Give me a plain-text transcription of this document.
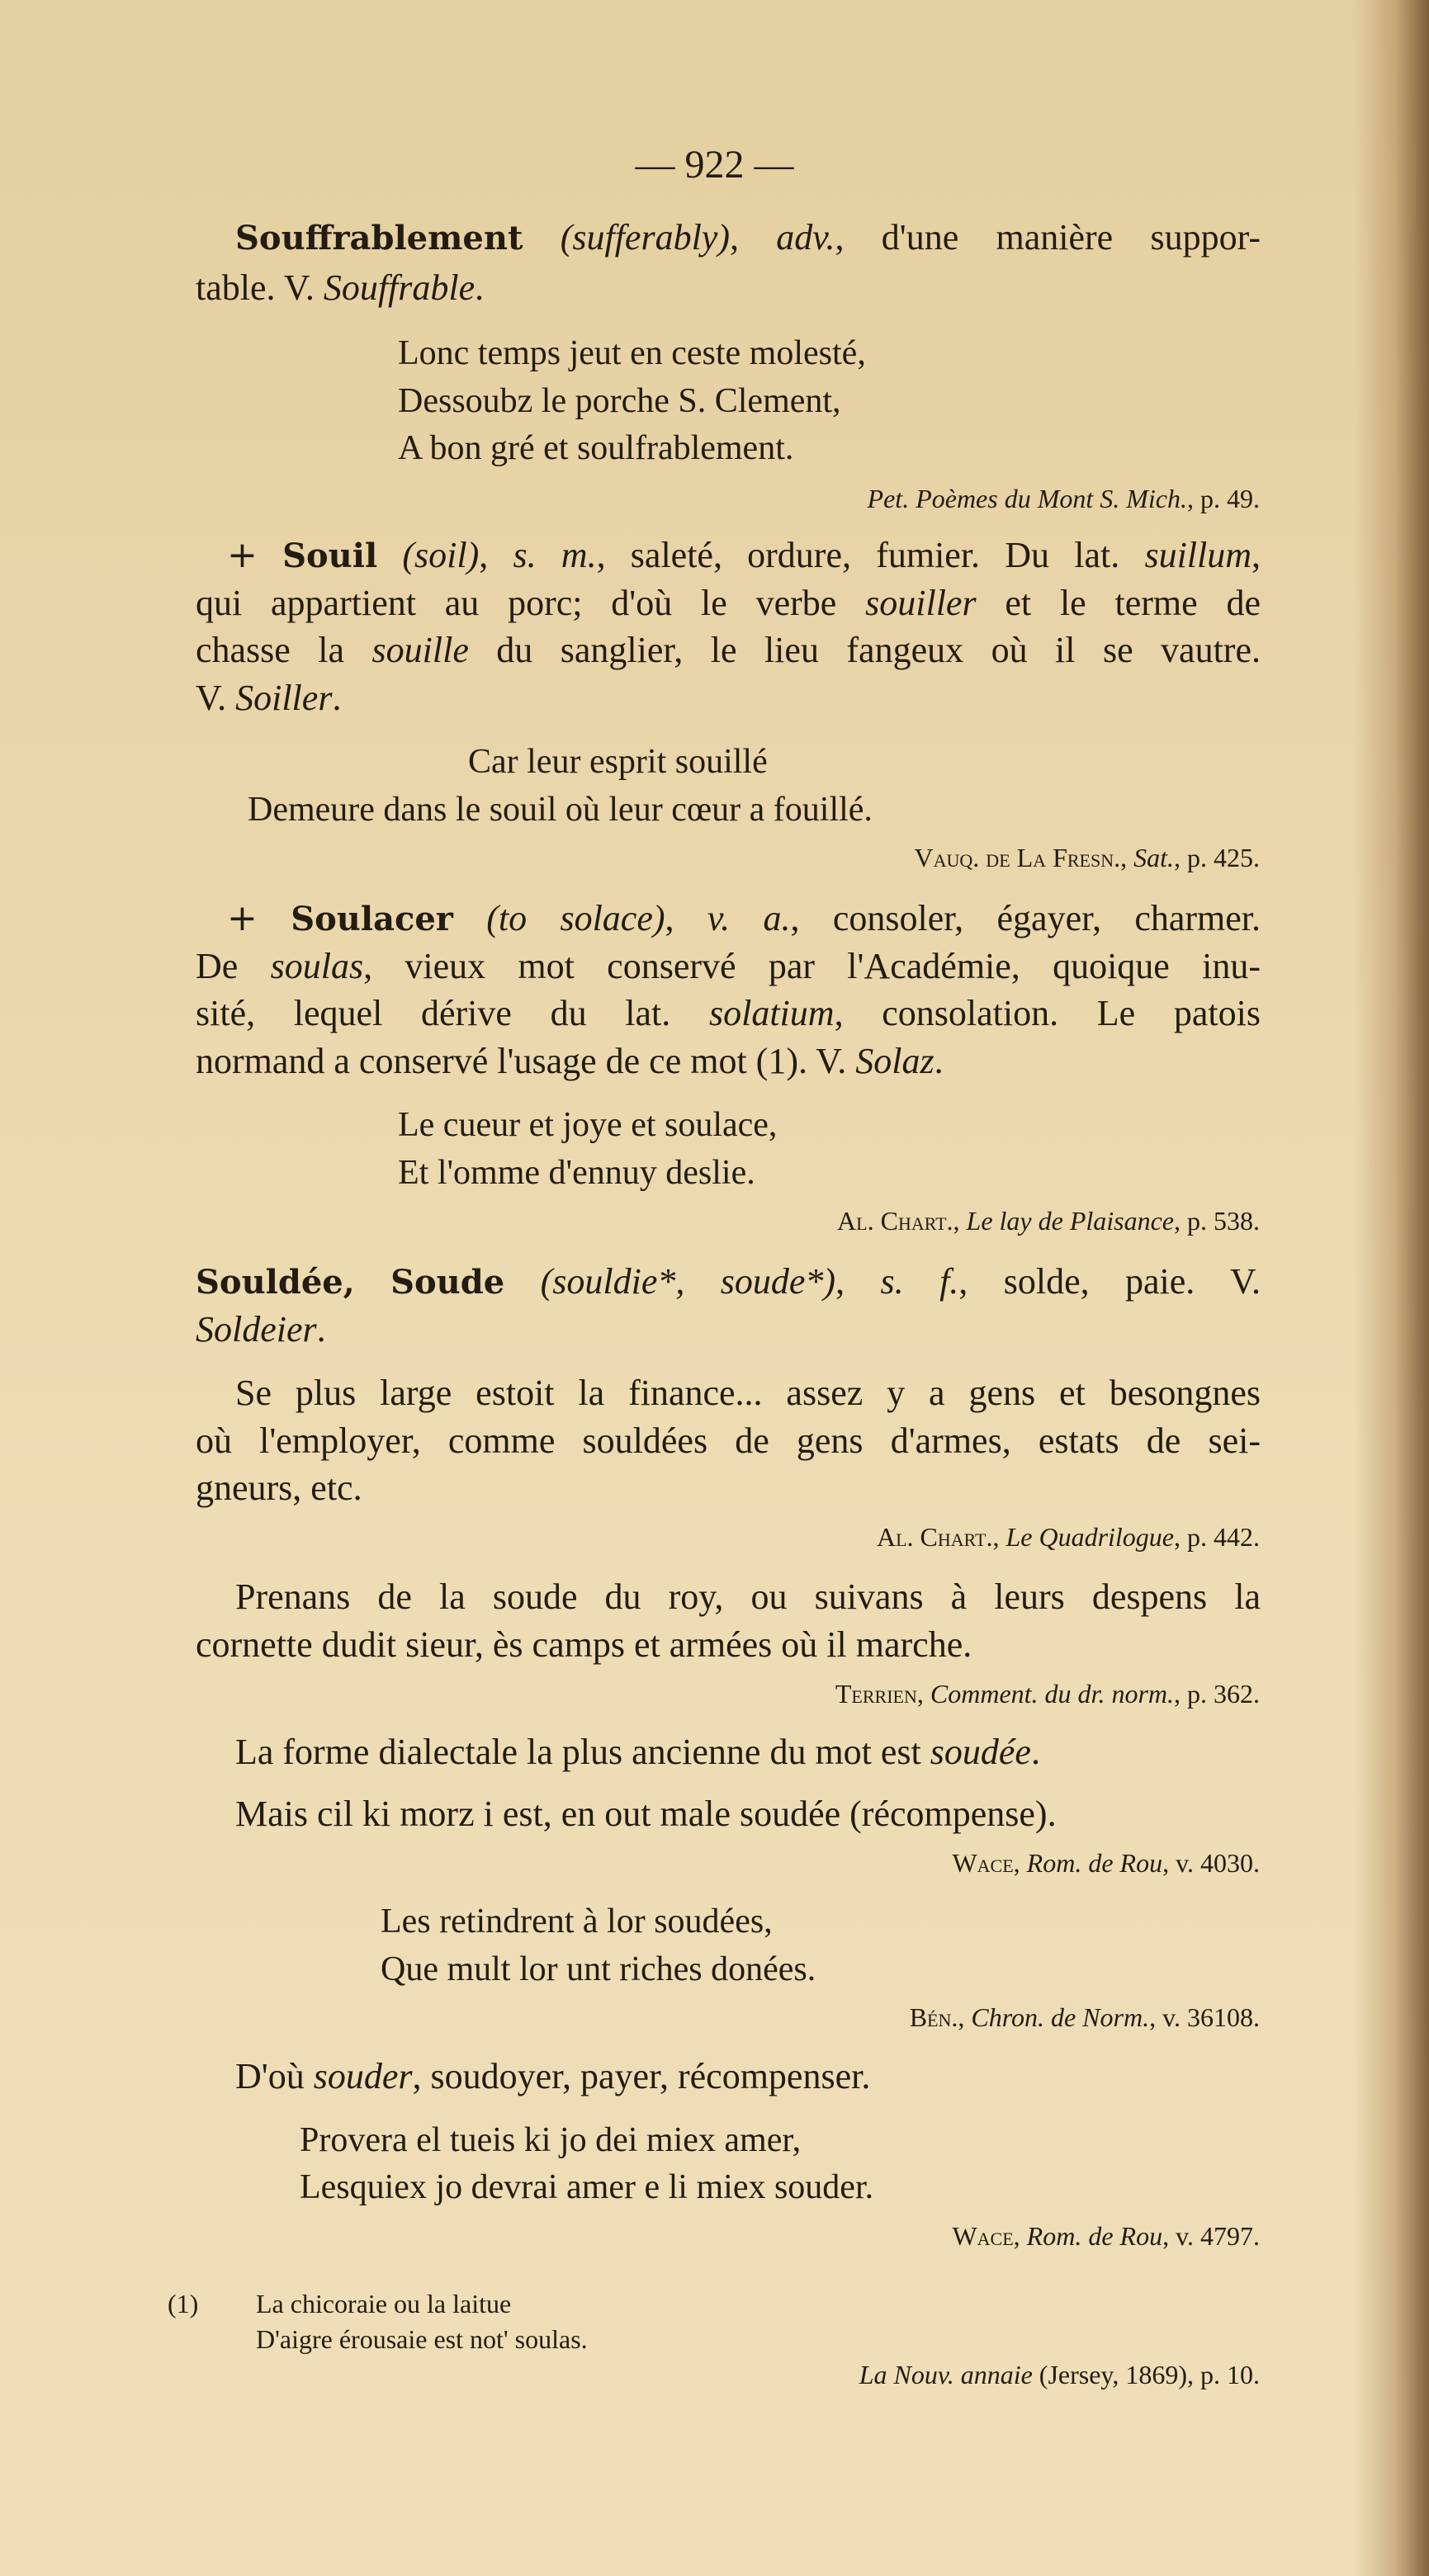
— 922 —
Souffrablement (sufferably), adv., d'une manière suppor-
table. V. Souffrable.
Lonc temps jeut en ceste molesté,
Dessoubz le porche S. Clement,
A bon gré et soulfrablement.
Pet. Poèmes du Mont S. Mich., p. 49.
+ Souil (soil), s. m., saleté, ordure, fumier. Du lat. suillum,
qui appartient au porc; d'où le verbe souiller et le terme de
chasse la souille du sanglier, le lieu fangeux où il se vautre.
V. Soiller.
Car leur esprit souillé
Demeure dans le souil où leur cœur a fouillé.
Vauq. de La Fresn., Sat., p. 425.
+ Soulacer (to solace), v. a., consoler, égayer, charmer.
De soulas, vieux mot conservé par l'Académie, quoique inu-
sité, lequel dérive du lat. solatium, consolation. Le patois
normand a conservé l'usage de ce mot (1). V. Solaz.
Le cueur et joye et soulace,
Et l'omme d'ennuy deslie.
Al. Chart., Le lay de Plaisance, p. 538.
Souldée, Soude (souldie*, soude*), s. f., solde, paie. V.
Soldeier.
Se plus large estoit la finance... assez y a gens et besongnes
où l'employer, comme souldées de gens d'armes, estats de sei-
gneurs, etc.
Al. Chart., Le Quadrilogue, p. 442.
Prenans de la soude du roy, ou suivans à leurs despens la
cornette dudit sieur, ès camps et armées où il marche.
Terrien, Comment. du dr. norm., p. 362.
La forme dialectale la plus ancienne du mot est soudée.
Mais cil ki morz i est, en out male soudée (récompense).
Wace, Rom. de Rou, v. 4030.
Les retindrent à lor soudées,
Que mult lor unt riches donées.
Bén., Chron. de Norm., v. 36108.
D'où souder, soudoyer, payer, récompenser.
Provera el tueis ki jo dei miex amer,
Lesquiex jo devrai amer e li miex souder.
Wace, Rom. de Rou, v. 4797.
(1) La chicoraie ou la laitue
D'aigre érousaie est not' soulas.
La Nouv. annaie (Jersey, 1869), p. 10.
